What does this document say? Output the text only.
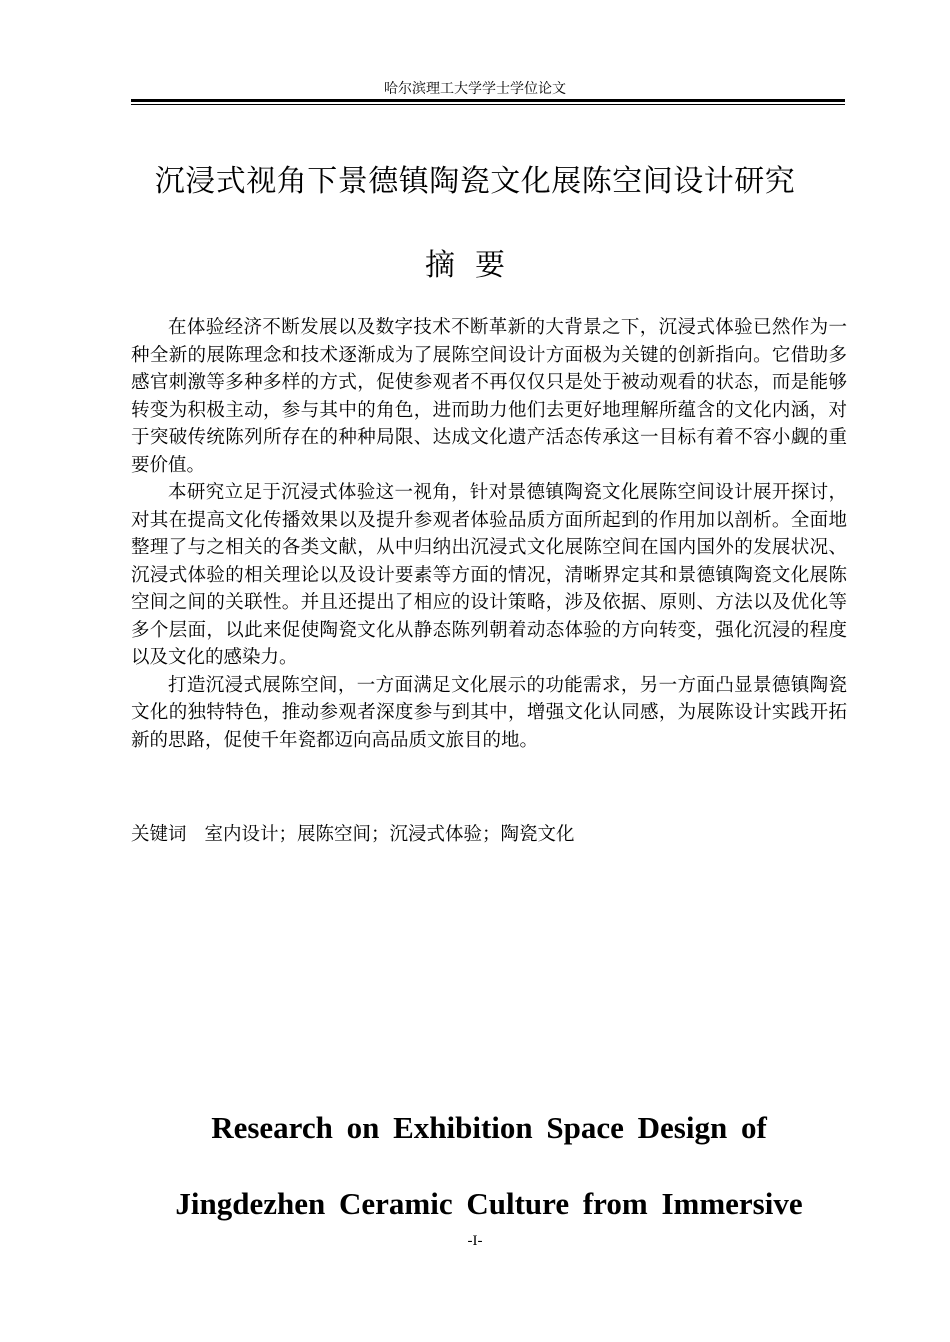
哈尔滨理工大学学士学位论文
沉浸式视角下景德镇陶瓷文化展陈空间设计研究
摘要

在体验经济不断发展以及数字技术不断革新的大背景之下，沉浸式体验已然作为一种全新的展陈理念和技术逐渐成为了展陈空间设计方面极为关键的创新指向。它借助多感官刺激等多种多样的方式，促使参观者不再仅仅只是处于被动观看的状态，而是能够转变为积极主动，参与其中的角色，进而助力他们去更好地理解所蕴含的文化内涵，对于突破传统陈列所存在的种种局限、达成文化遗产活态传承这一目标有着不容小觑的重要价值。

本研究立足于沉浸式体验这一视角，针对景德镇陶瓷文化展陈空间设计展开探讨，对其在提高文化传播效果以及提升参观者体验品质方面所起到的作用加以剖析。全面地整理了与之相关的各类文献，从中归纳出沉浸式文化展陈空间在国内国外的发展状况、沉浸式体验的相关理论以及设计要素等方面的情况，清晰界定其和景德镇陶瓷文化展陈空间之间的关联性。并且还提出了相应的设计策略，涉及依据、原则、方法以及优化等多个层面，以此来促使陶瓷文化从静态陈列朝着动态体验的方向转变，强化沉浸的程度以及文化的感染力。

打造沉浸式展陈空间，一方面满足文化展示的功能需求，另一方面凸显景德镇陶瓷文化的独特特色，推动参观者深度参与到其中，增强文化认同感，为展陈设计实践开拓新的思路，促使千年瓷都迈向高品质文旅目的地。

关键词 室内设计；展陈空间；沉浸式体验；陶瓷文化
Research on Exhibition Space Design of
Jingdezhen Ceramic Culture from Immersive
-I-
